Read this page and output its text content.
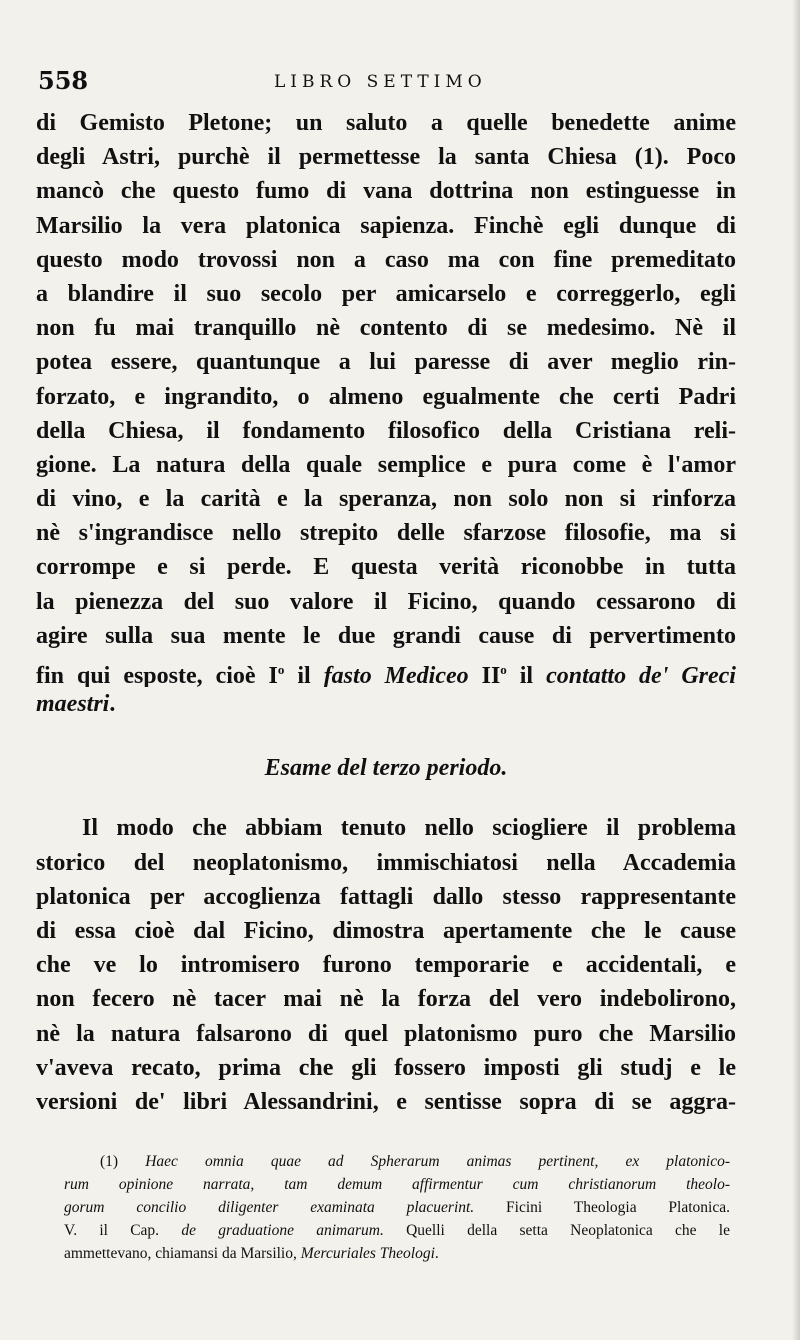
558	LIBRO SETTIMO
di Gemisto Pletone; un saluto a quelle benedette anime
degli Astri, purchè il permettesse la santa Chiesa (1). Poco
mancò che questo fumo di vana dottrina non estinguesse in
Marsilio la vera platonica sapienza. Finchè egli dunque di
questo modo trovossi non a caso ma con fine premeditato
a blandire il suo secolo per amicarselo e correggerlo, egli
non fu mai tranquillo nè contento di se medesimo. Nè il
potea essere, quantunque a lui paresse di aver meglio rin-
forzato, e ingrandito, o almeno egualmente che certi Padri
della Chiesa, il fondamento filosofico della Cristiana reli-
gione. La natura della quale semplice e pura come è l'amor
di vino, e la carità e la speranza, non solo non si rinforza
nè s'ingrandisce nello strepito delle sfarzose filosofie, ma si
corrompe e si perde. E questa verità riconobbe in tutta
la pienezza del suo valore il Ficino, quando cessarono di
agire sulla sua mente le due grandi cause di pervertimento
fin qui esposte, cioè $I^o$ il fasto Mediceo $II^o$ il contatto de' Greci
maestri.
Esame del terzo periodo.
Il modo che abbiam tenuto nello sciogliere il problema
storico del neoplatonismo, immischiatosi nella Accademia
platonica per accoglienza fattagli dallo stesso rappresentante
di essa cioè dal Ficino, dimostra apertamente che le cause
che ve lo intromisero furono temporarie e accidentali, e
non fecero nè tacer mai nè la forza del vero indebolirono,
nè la natura falsarono di quel platonismo puro che Marsilio
v'aveva recato, prima che gli fossero imposti gli studj e le
versioni de' libri Alessandrini, e sentisse sopra di se aggra-
(1) Haec omnia quae ad Spherarum animas pertinent, ex platonico-
rum opinione narrata, tam demum affirmentur cum christianorum theolo-
gorum concilio diligenter examinata placuerint. Ficini Theologia Platonica.
V. il Cap. de graduatione animarum. Quelli della setta Neoplatonica che le
ammettevano, chiamansi da Marsilio, Mercuriales Theologi.
